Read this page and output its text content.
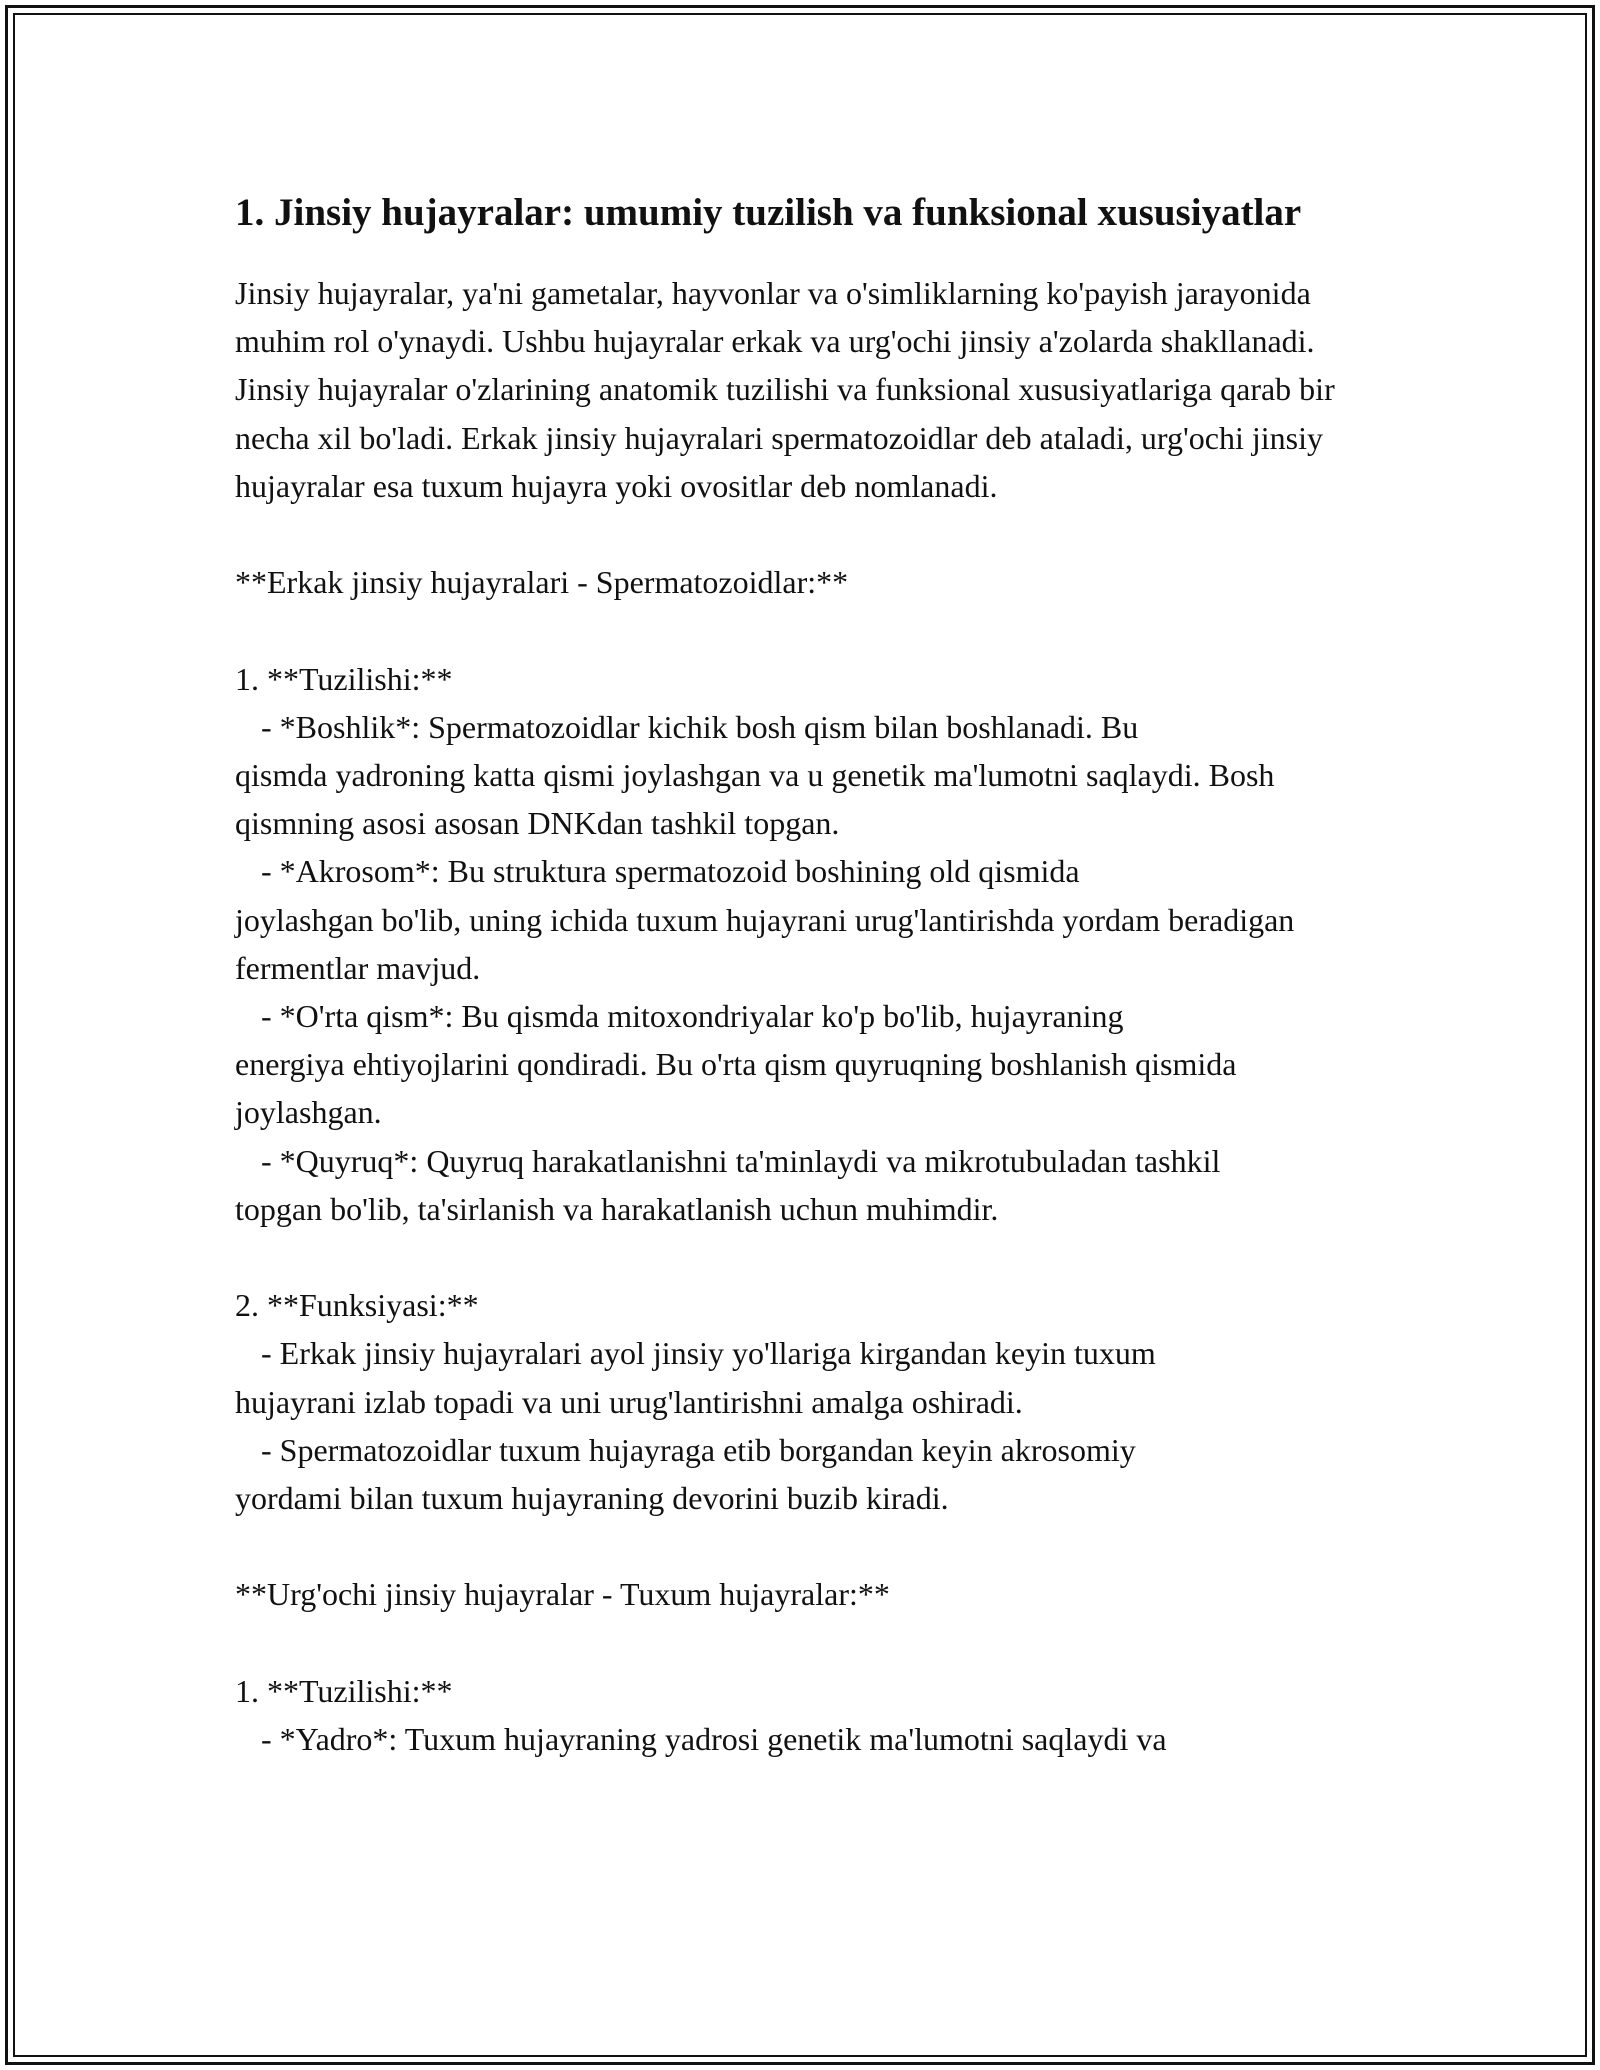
1. Jinsiy hujayralar: umumiy tuzilish va funksional xususiyatlar

Jinsiy hujayralar, ya'ni gametalar, hayvonlar va o'simliklarning ko'payish jarayonida muhim rol o'ynaydi. Ushbu hujayralar erkak va urg'ochi jinsiy a'zolarda shakllanadi. Jinsiy hujayralar o'zlarining anatomik tuzilishi va funksional xususiyatlariga qarab bir necha xil bo'ladi. Erkak jinsiy hujayralari spermatozoidlar deb ataladi, urg'ochi jinsiy hujayralar esa tuxum hujayra yoki ovositlar deb nomlanadi.

**Erkak jinsiy hujayralari - Spermatozoidlar:**

1. **Tuzilishi:**

- *Boshlik*: Spermatozoidlar kichik bosh qism bilan boshlanadi. Bu

qismda yadroning katta qismi joylashgan va u genetik ma'lumotni saqlaydi. Bosh qismning asosi asosan DNKdan tashkil topgan.

- *Akrosom*: Bu struktura spermatozoid boshining old qismida

joylashgan bo'lib, uning ichida tuxum hujayrani urug'lantirishda yordam beradigan fermentlar mavjud.

- *O'rta qism*: Bu qismda mitoxondriyalar ko'p bo'lib, hujayraning

energiya ehtiyojlarini qondiradi. Bu o'rta qism quyruqning boshlanish qismida joylashgan.

- *Quyruq*: Quyruq harakatlanishni ta'minlaydi va mikrotubuladan tashkil

topgan bo'lib, ta'sirlanish va harakatlanish uchun muhimdir.

2. **Funksiyasi:**

- Erkak jinsiy hujayralari ayol jinsiy yo'llariga kirgandan keyin tuxum

hujayrani izlab topadi va uni urug'lantirishni amalga oshiradi.

- Spermatozoidlar tuxum hujayraga etib borgandan keyin akrosomiy

yordami bilan tuxum hujayraning devorini buzib kiradi.

**Urg'ochi jinsiy hujayralar - Tuxum hujayralar:**

1. **Tuzilishi:**

- *Yadro*: Tuxum hujayraning yadrosi genetik ma'lumotni saqlaydi va
